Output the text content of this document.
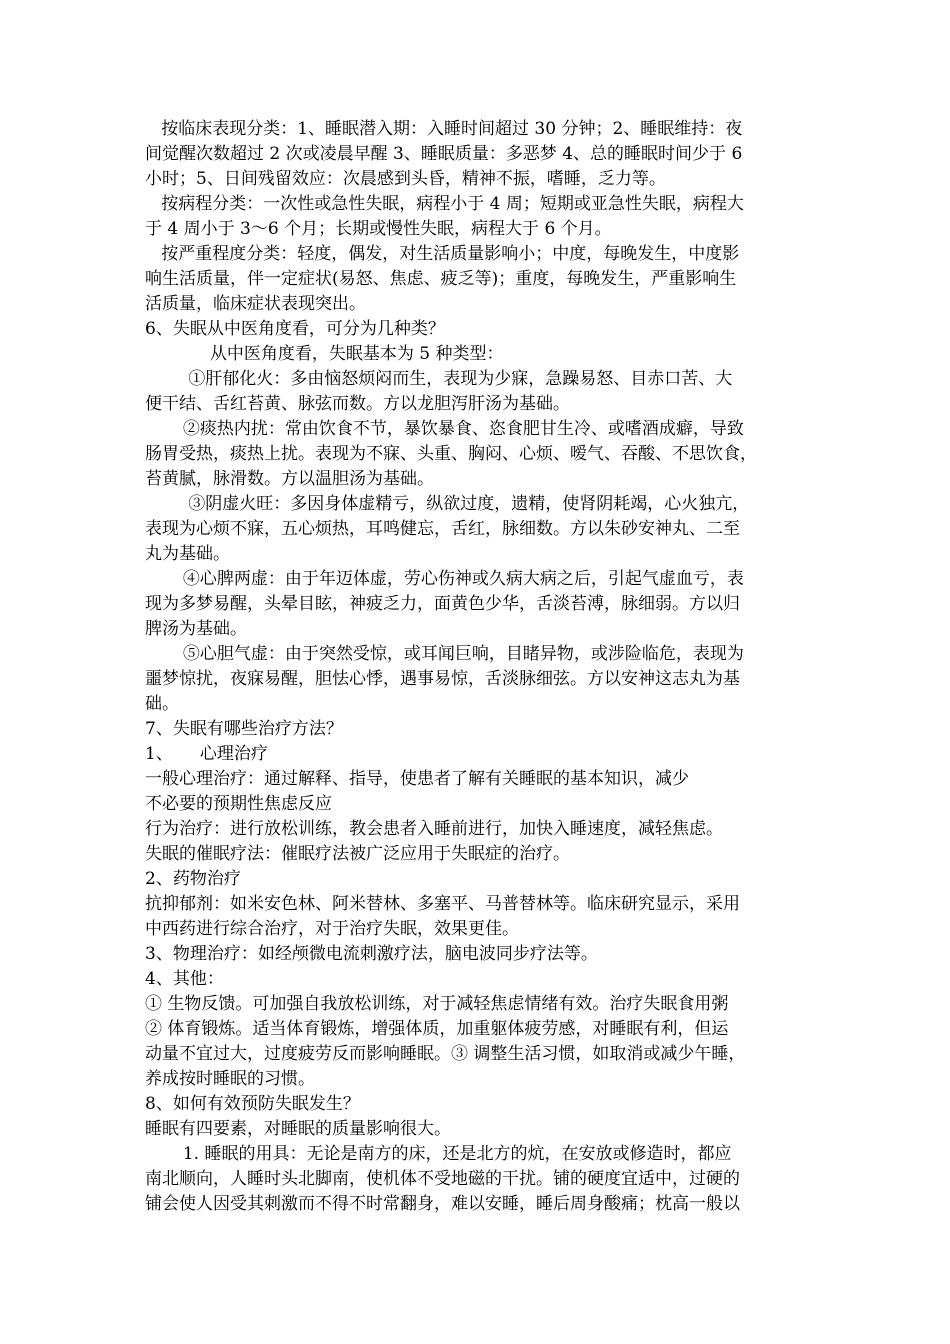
按临床表现分类：1、睡眠潜入期：入睡时间超过 30 分钟；2、睡眠维持：夜
间觉醒次数超过 2 次或凌晨早醒 3、睡眠质量：多恶梦 4、总的睡眠时间少于 6
小时；5、日间残留效应：次晨感到头昏，精神不振，嗜睡，乏力等。
按病程分类：一次性或急性失眠，病程小于 4 周；短期或亚急性失眠，病程大
于 4 周小于 3～6 个月；长期或慢性失眠，病程大于 6 个月。
按严重程度分类：轻度，偶发，对生活质量影响小；中度，每晚发生，中度影
响生活质量，伴一定症状(易怒、焦虑、疲乏等)；重度，每晚发生，严重影响生
活质量，临床症状表现突出。
6、失眠从中医角度看，可分为几种类？
从中医角度看，失眠基本为 5 种类型：
①肝郁化火：多由恼怒烦闷而生，表现为少寐，急躁易怒、目赤口苦、大
便干结、舌红苔黄、脉弦而数。方以龙胆泻肝汤为基础。
②痰热内扰：常由饮食不节，暴饮暴食、恣食肥甘生冷、或嗜酒成癖，导致
肠胃受热，痰热上扰。表现为不寐、头重、胸闷、心烦、嗳气、吞酸、不思饮食，
苔黄腻，脉滑数。方以温胆汤为基础。
③阴虚火旺：多因身体虚精亏，纵欲过度，遗精，使肾阴耗竭，心火独亢，
表现为心烦不寐，五心烦热，耳鸣健忘，舌红，脉细数。方以朱砂安神丸、二至
丸为基础。
④心脾两虚：由于年迈体虚，劳心伤神或久病大病之后，引起气虚血亏，表
现为多梦易醒，头晕目眩，神疲乏力，面黄色少华，舌淡苔溥，脉细弱。方以归
脾汤为基础。
⑤心胆气虚：由于突然受惊，或耳闻巨响，目睹异物，或涉险临危，表现为
噩梦惊扰，夜寐易醒，胆怯心悸，遇事易惊，舌淡脉细弦。方以安神这志丸为基
础。
7、失眠有哪些治疗方法？
1、     心理治疗
一般心理治疗：通过解释、指导，使患者了解有关睡眠的基本知识，减少
不必要的预期性焦虑反应
行为治疗：进行放松训练，教会患者入睡前进行，加快入睡速度，减轻焦虑。
失眠的催眠疗法：催眠疗法被广泛应用于失眠症的治疗。
2、药物治疗
抗抑郁剂：如米安色林、阿米替林、多塞平、马普替林等。临床研究显示，采用
中西药进行综合治疗，对于治疗失眠，效果更佳。
3、物理治疗：如经颅微电流刺激疗法，脑电波同步疗法等。
4、其他：
① 生物反馈。可加强自我放松训练，对于减轻焦虑情绪有效。治疗失眠食用粥
② 体育锻炼。适当体育锻炼，增强体质，加重躯体疲劳感，对睡眠有利，但运
动量不宜过大，过度疲劳反而影响睡眠。③ 调整生活习惯，如取消或减少午睡，
养成按时睡眠的习惯。
8、如何有效预防失眠发生？
睡眠有四要素，对睡眠的质量影响很大。
1. 睡眠的用具：无论是南方的床，还是北方的炕，在安放或修造时，都应
南北顺向，人睡时头北脚南，使机体不受地磁的干扰。铺的硬度宜适中，过硬的
铺会使人因受其刺激而不得不时常翻身，难以安睡，睡后周身酸痛；枕高一般以
